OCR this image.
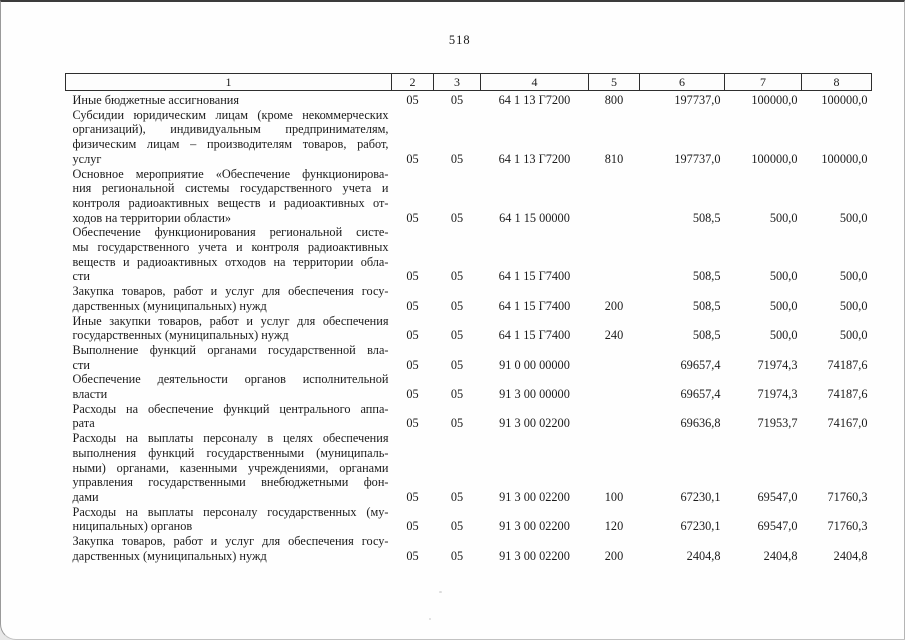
518
1	2	3	4	5	6	7	8

Иные бюджетные ассигнования	05	05	64 1 13 Г7200	800	197737,0	100000,0	100000,0

Субсидии юридическим лицам (кроме некоммерческих
организаций), индивидуальным предпринимателям,
физическим лицам – производителям товаров, работ,
услуг	05	05	64 1 13 Г7200	810	197737,0	100000,0	100000,0

Основное мероприятие «Обеспечение функционирова-
ния региональной системы государственного учета и
контроля радиоактивных веществ и радиоактивных от-
ходов на территории области»	05	05	64 1 15 00000		508,5	500,0	500,0

Обеспечение функционирования региональной систе-
мы государственного учета и контроля радиоактивных
веществ и радиоактивных отходов на территории обла-
сти	05	05	64 1 15 Г7400		508,5	500,0	500,0

Закупка товаров, работ и услуг для обеспечения госу-
дарственных (муниципальных) нужд	05	05	64 1 15 Г7400	200	508,5	500,0	500,0

Иные закупки товаров, работ и услуг для обеспечения
государственных (муниципальных) нужд	05	05	64 1 15 Г7400	240	508,5	500,0	500,0

Выполнение функций органами государственной вла-
сти	05	05	91 0 00 00000		69657,4	71974,3	74187,6

Обеспечение деятельности органов исполнительной
власти	05	05	91 3 00 00000		69657,4	71974,3	74187,6

Расходы на обеспечение функций центрального аппа-
рата	05	05	91 3 00 02200		69636,8	71953,7	74167,0

Расходы на выплаты персоналу в целях обеспечения
выполнения функций государственными (муниципаль-
ными) органами, казенными учреждениями, органами
управления государственными внебюджетными фон-
дами	05	05	91 3 00 02200	100	67230,1	69547,0	71760,3

Расходы на выплаты персоналу государственных (му-
ниципальных) органов	05	05	91 3 00 02200	120	67230,1	69547,0	71760,3

Закупка товаров, работ и услуг для обеспечения госу-
дарственных (муниципальных) нужд	05	05	91 3 00 02200	200	2404,8	2404,8	2404,8
